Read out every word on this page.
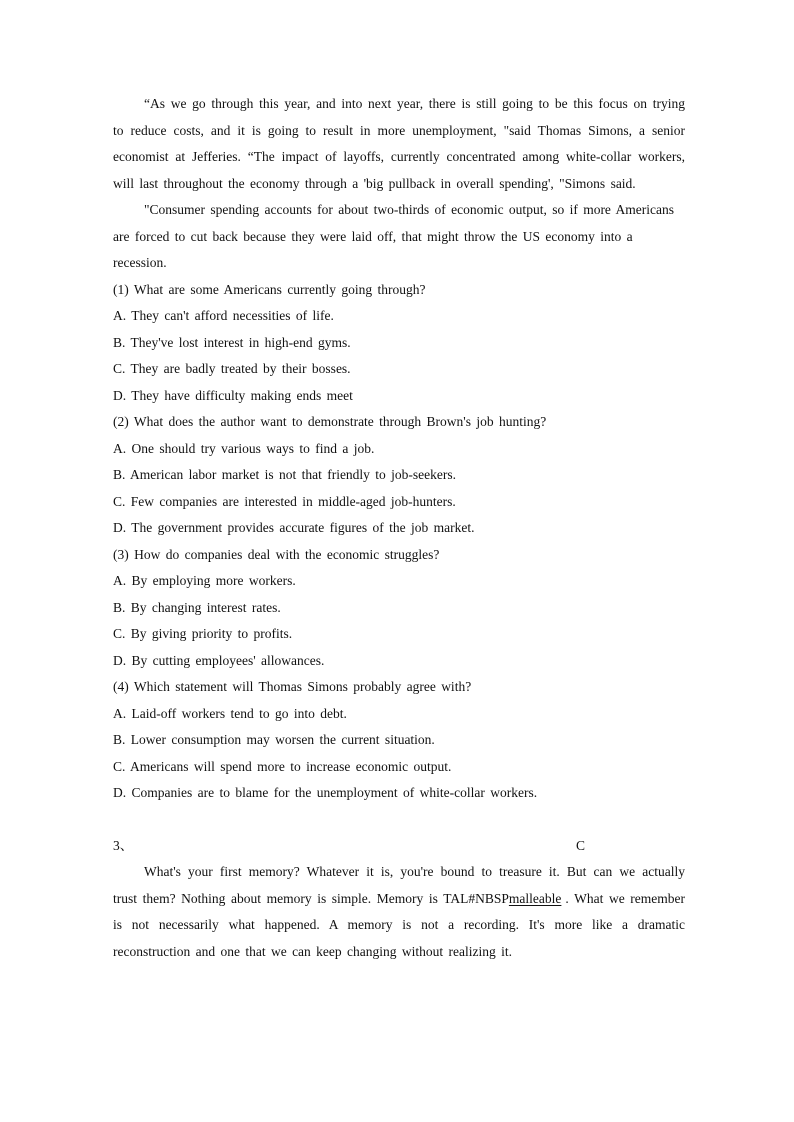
“As we go through this year, and into next year, there is still going to be this focus on trying to reduce costs, and it is going to result in more unemployment, "said Thomas Simons, a senior economist at Jefferies. “The impact of layoffs, currently concentrated among white-collar workers, will last throughout the economy through a 'big pullback in overall spending', "Simons said.

"Consumer spending accounts for about two-thirds of economic output, so if more Americans are forced to cut back because they were laid off, that might throw the US economy into a recession.

(1) What are some Americans currently going through?

A. They can't afford necessities of life.

B. They've lost interest in high-end gyms.

C. They are badly treated by their bosses.

D. They have difficulty making ends meet

(2) What does the author want to demonstrate through Brown's job hunting?

A. One should try various ways to find a job.

B. American labor market is not that friendly to job-seekers.

C. Few companies are interested in middle-aged job-hunters.

D. The government provides accurate figures of the job market.

(3) How do companies deal with the economic struggles?

A. By employing more workers.

B. By changing interest rates.

C. By giving priority to profits.

D. By cutting employees' allowances.

(4) Which statement will Thomas Simons probably agree with?

A. Laid-off workers tend to go into debt.

B. Lower consumption may worsen the current situation.

C. Americans will spend more to increase economic output.

D. Companies are to blame for the unemployment of white-collar workers.

3、	C

What's your first memory? Whatever it is, you're bound to treasure it. But can we actually trust them? Nothing about memory is simple. Memory is TAL#NBSPmalleable . What we remember is not necessarily what happened. A memory is not a recording. It's more like a dramatic reconstruction and one that we can keep changing without realizing it.
